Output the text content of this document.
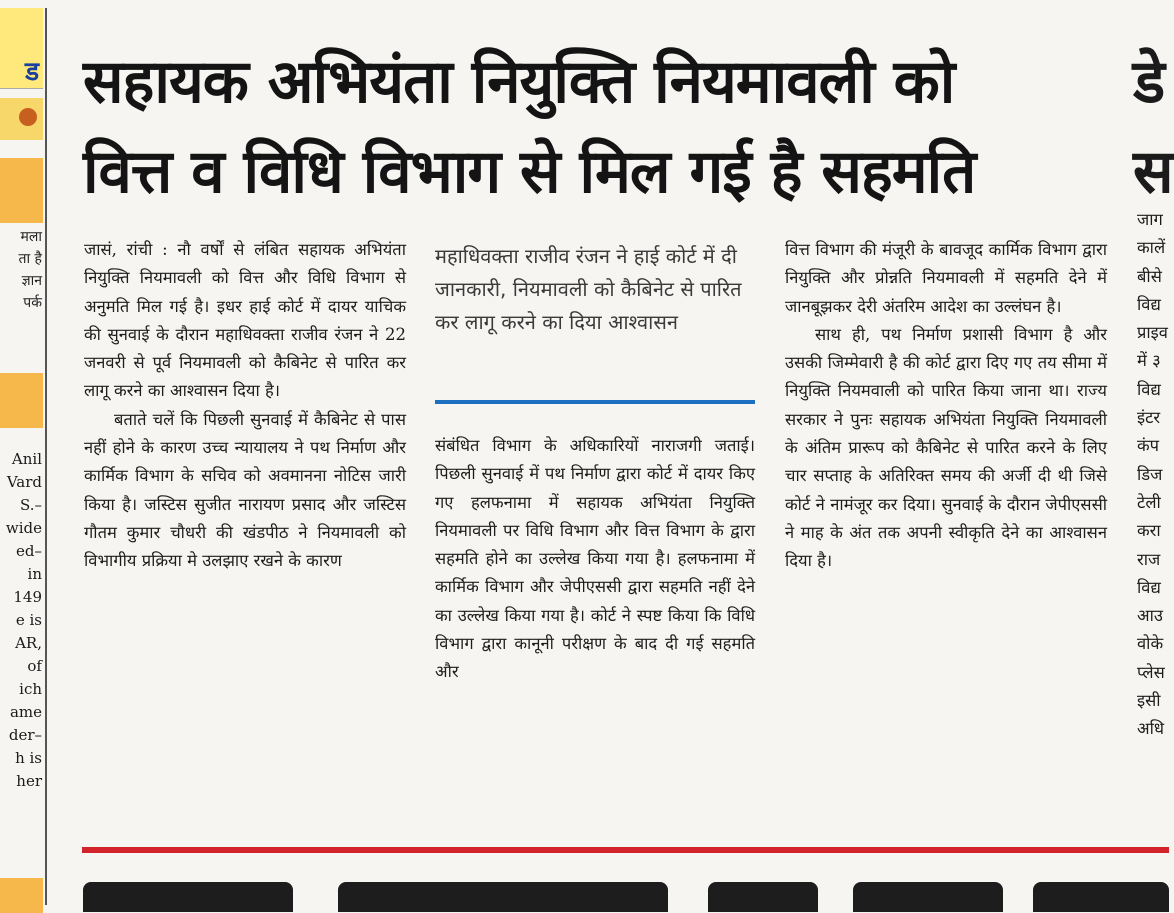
ड
मला
ता है
ज्ञान
पर्क
Anil
Vard
S.–
wide
ed–
in
149
e is
AR,
of
ich
ame
der–
h is
her
सहायक अभियंता नियुक्ति नियमावली को
वित्त व विधि विभाग से मिल गई है सहमति

जासं, रांची : नौ वर्षों से लंबित सहायक अभियंता नियुक्ति नियमावली को वित्त और विधि विभाग से अनुमति मिल गई है। इधर हाई कोर्ट में दायर याचिक की सुनवाई के दौरान महाधिवक्ता राजीव रंजन ने 22 जनवरी से पूर्व नियमावली को कैबिनेट से पारित कर लागू करने का आश्वासन दिया है।

बताते चलें कि पिछली सुनवाई में कैबिनेट से पास नहीं होने के कारण उच्च न्यायालय ने पथ निर्माण और कार्मिक विभाग के सचिव को अवमानना नोटिस जारी किया है। जस्टिस सुजीत नारायण प्रसाद और जस्टिस गौतम कुमार चौधरी की खंडपीठ ने नियमावली को विभागीय प्रक्रिया मे उलझाए रखने के कारण

महाधिवक्ता राजीव रंजन ने हाई कोर्ट में दी जानकारी, नियमावली को कैबिनेट से पारित कर लागू करने का दिया आश्वासन

संबंधित विभाग के अधिकारियों नाराजगी जताई। पिछली सुनवाई में पथ निर्माण द्वारा कोर्ट में दायर किए गए हलफनामा में सहायक अभियंता नियुक्ति नियमावली पर विधि विभाग और वित्त विभाग के द्वारा सहमति होने का उल्लेख किया गया है। हलफनामा में कार्मिक विभाग और जेपीएससी द्वारा सहमति नहीं देने का उल्लेख किया गया है। कोर्ट ने स्पष्ट किया कि विधि विभाग द्वारा कानूनी परीक्षण के बाद दी गई सहमति और

वित्त विभाग की मंजूरी के बावजूद कार्मिक विभाग द्वारा नियुक्ति और प्रोन्नति नियमावली में सहमति देने में जानबूझकर देरी अंतरिम आदेश का उल्लंघन है।

साथ ही, पथ निर्माण प्रशासी विभाग है और उसकी जिम्मेवारी है की कोर्ट द्वारा दिए गए तय सीमा में नियुक्ति नियमवाली को पारित किया जाना था। राज्य सरकार ने पुनः सहायक अभियंता नियुक्ति नियमावली के अंतिम प्रारूप को कैबिनेट से पारित करने के लिए चार सप्ताह के अतिरिक्त समय की अर्जी दी थी जिसे कोर्ट ने नामंजूर कर दिया। सुनवाई के दौरान जेपीएससी ने माह के अंत तक अपनी स्वीकृति देने का आश्वासन दिया है।

डे
स
जाग
कालें
बीसे
विद्य
प्राइव
में ३
विद्य
इंटर
कंप
डिज
टेली
करा
राज
विद्य
आउ
वोके
प्लेस
इसी
अधि
